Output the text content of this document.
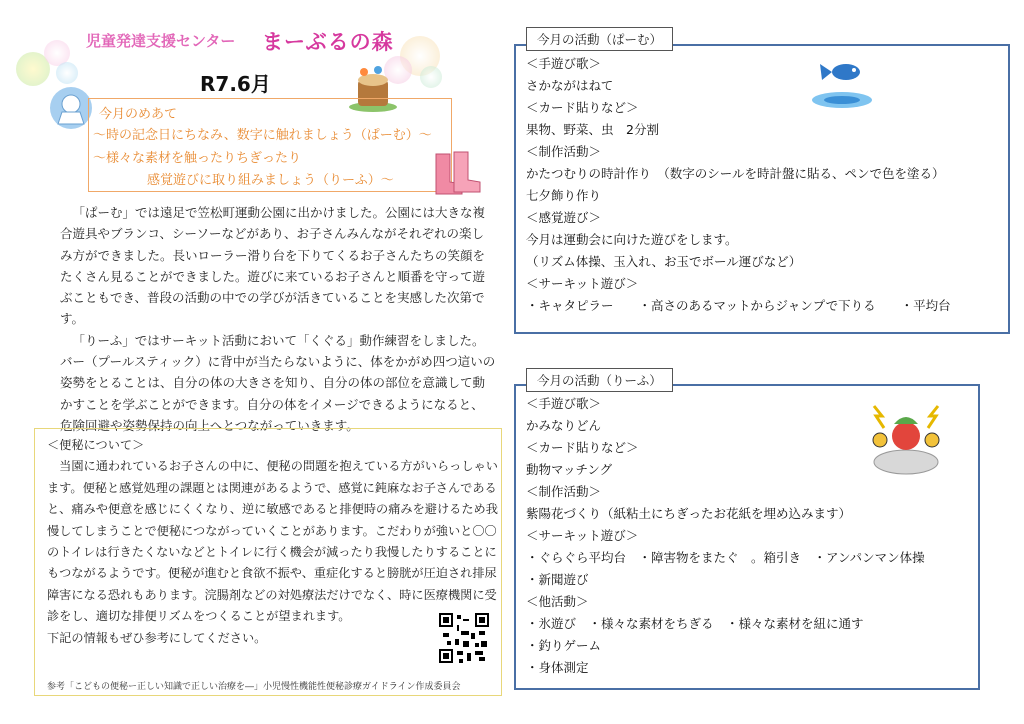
児童発達支援センター まーぶるの森
R7.6月
今月のめあて
～時の記念日にちなみ、数字に触れましょう（ぱーむ）～
～様々な素材を触ったりちぎったり
感覚遊びに取り組みましょう（りーふ）～

「ぱーむ」では遠足で笠松町運動公園に出かけました。公園には大きな複合遊具やブランコ、シーソーなどがあり、お子さんみんながそれぞれの楽しみ方ができました。長いローラー滑り台を下りてくるお子さんたちの笑顔をたくさん見ることができました。遊びに来ているお子さんと順番を守って遊ぶこともでき、普段の活動の中での学びが活きていることを実感した次第です。

「りーふ」ではサーキット活動において「くぐる」動作練習をしました。バー（プールスティック）に背中が当たらないように、体をかがめ四つ這いの姿勢をとることは、自分の体の大きさを知り、自分の体の部位を意識して動かすことを学ぶことができます。自分の体をイメージできるようになると、危険回避や姿勢保持の向上へとつながっていきます。

＜便秘について＞

　当園に通われているお子さんの中に、便秘の問題を抱えている方がいらっしゃいます。便秘と感覚処理の課題とは関連があるようで、感覚に鈍麻なお子さんであると、痛みや便意を感じにくくなり、逆に敏感であると排便時の痛みを避けるため我慢してしまうことで便秘につながっていくことがあります。こだわりが強いと〇〇のトイレは行きたくないなどとトイレに行く機会が減ったり我慢したりすることにもつながるようです。便秘が進むと食欲不振や、重症化すると膀胱が圧迫され排尿障害になる恐れもあります。浣腸剤などの対処療法だけでなく、時に医療機関に受診をし、適切な排便リズムをつくることが望まれます。

下記の情報もぜひ参考にしてください。

参考「こどもの便秘ー正しい知識で正しい治療を―」小児慢性機能性便秘診療ガイドライン作成委員会
＜手遊び歌＞
さかながはねて
＜カード貼りなど＞
果物、野菜、虫　2分割
＜制作活動＞
かたつむりの時計作り　（数字のシールを時計盤に貼る、ペンで色を塗る）
七夕飾り作り
＜感覚遊び＞
今月は運動会に向けた遊びをします。
（リズム体操、玉入れ、お玉でボール運びなど）
＜サーキット遊び＞
・キャタピラー　　・高さのあるマットからジャンプで下りる　　・平均台
今月の活動（ぱーむ）
＜手遊び歌＞
かみなりどん
＜カード貼りなど＞
動物マッチング
＜制作活動＞
紫陽花づくり（紙粘土にちぎったお花紙を埋め込みます）
＜サーキット遊び＞
・ぐらぐら平均台　・障害物をまたぐ　。箱引き　・アンパンマン体操
・新聞遊び
＜他活動＞
・氷遊び　・様々な素材をちぎる　・様々な素材を紐に通す
・釣りゲーム
・身体測定
今月の活動（りーふ）
